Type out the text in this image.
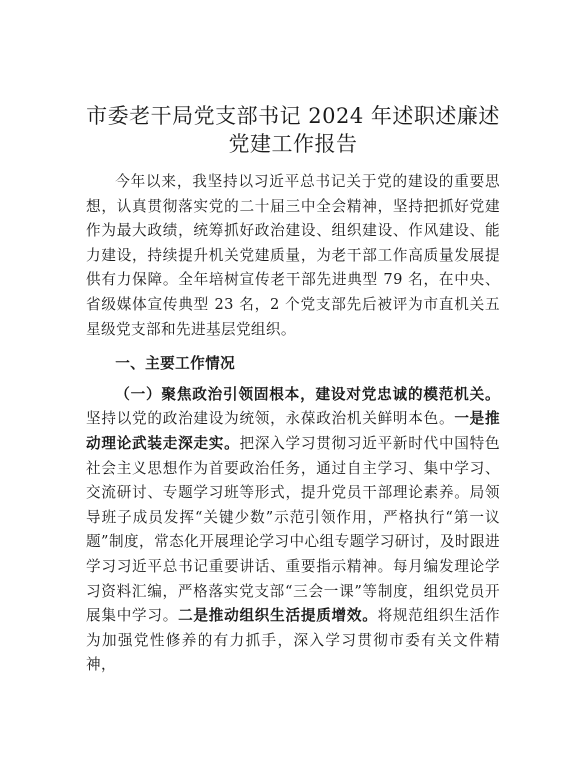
市委老干局党支部书记 2024 年述职述廉述党建工作报告

今年以来，我坚持以习近平总书记关于党的建设的重要思想，认真贯彻落实党的二十届三中全会精神，坚持把抓好党建作为最大政绩，统筹抓好政治建设、组织建设、作风建设、能力建设，持续提升机关党建质量，为老干部工作高质量发展提供有力保障。全年培树宣传老干部先进典型 79 名，在中央、省级媒体宣传典型 23 名，2 个党支部先后被评为市直机关五星级党支部和先进基层党组织。

一、主要工作情况

（一）聚焦政治引领固根本，建设对党忠诚的模范机关。坚持以党的政治建设为统领，永葆政治机关鲜明本色。一是推动理论武装走深走实。把深入学习贯彻习近平新时代中国特色社会主义思想作为首要政治任务，通过自主学习、集中学习、交流研讨、专题学习班等形式，提升党员干部理论素养。局领导班子成员发挥“关键少数”示范引领作用，严格执行“第一议题”制度，常态化开展理论学习中心组专题学习研讨，及时跟进学习习近平总书记重要讲话、重要指示精神。每月编发理论学习资料汇编，严格落实党支部“三会一课”等制度，组织党员开展集中学习。二是推动组织生活提质增效。将规范组织生活作为加强党性修养的有力抓手，深入学习贯彻市委有关文件精神，
